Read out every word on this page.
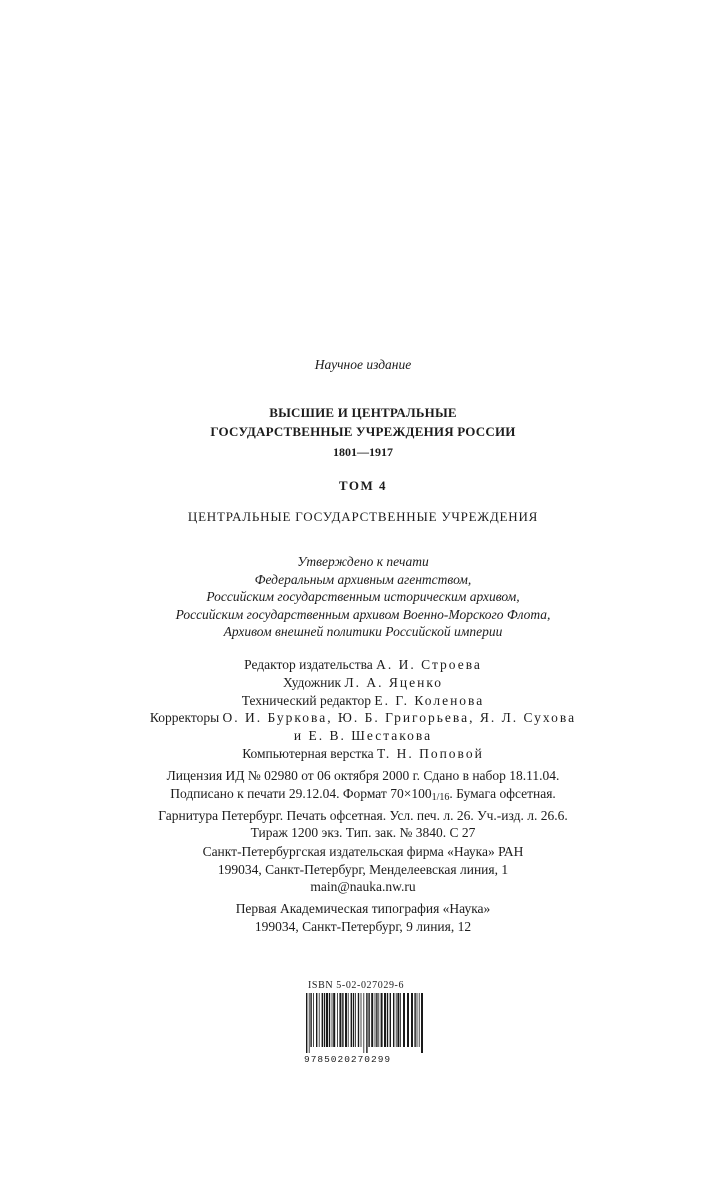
Научное издание
ВЫСШИЕ И ЦЕНТРАЛЬНЫЕ
ГОСУДАРСТВЕННЫЕ УЧРЕЖДЕНИЯ РОССИИ
1801—1917
ТОМ 4
ЦЕНТРАЛЬНЫЕ ГОСУДАРСТВЕННЫЕ УЧРЕЖДЕНИЯ
Утверждено к печати
Федеральным архивным агентством,
Российским государственным историческим архивом,
Российским государственным архивом Военно-Морского Флота,
Архивом внешней политики Российской империи
Редактор издательства А. И. Строева
Художник Л. А. Яценко
Технический редактор Е. Г. Коленова
Корректоры О. И. Буркова, Ю. Б. Григорьева, Я. Л. Сухова
и Е. В. Шестакова
Компьютерная верстка Т. Н. Поповой
Лицензия ИД № 02980 от 06 октября 2000 г. Сдано в набор 18.11.04.
Подписано к печати 29.12.04. Формат 70×1001/16. Бумага офсетная.
Гарнитура Петербург. Печать офсетная. Усл. печ. л. 26. Уч.-изд. л. 26.6.
Тираж 1200 экз. Тип. зак. № 3840. С 27
Санкт-Петербургская издательская фирма «Наука» РАН
199034, Санкт-Петербург, Менделеевская линия, 1
main@nauka.nw.ru
Первая Академическая типография «Наука»
199034, Санкт-Петербург, 9 линия, 12
ISBN 5-02-027029-6
9785020270299
